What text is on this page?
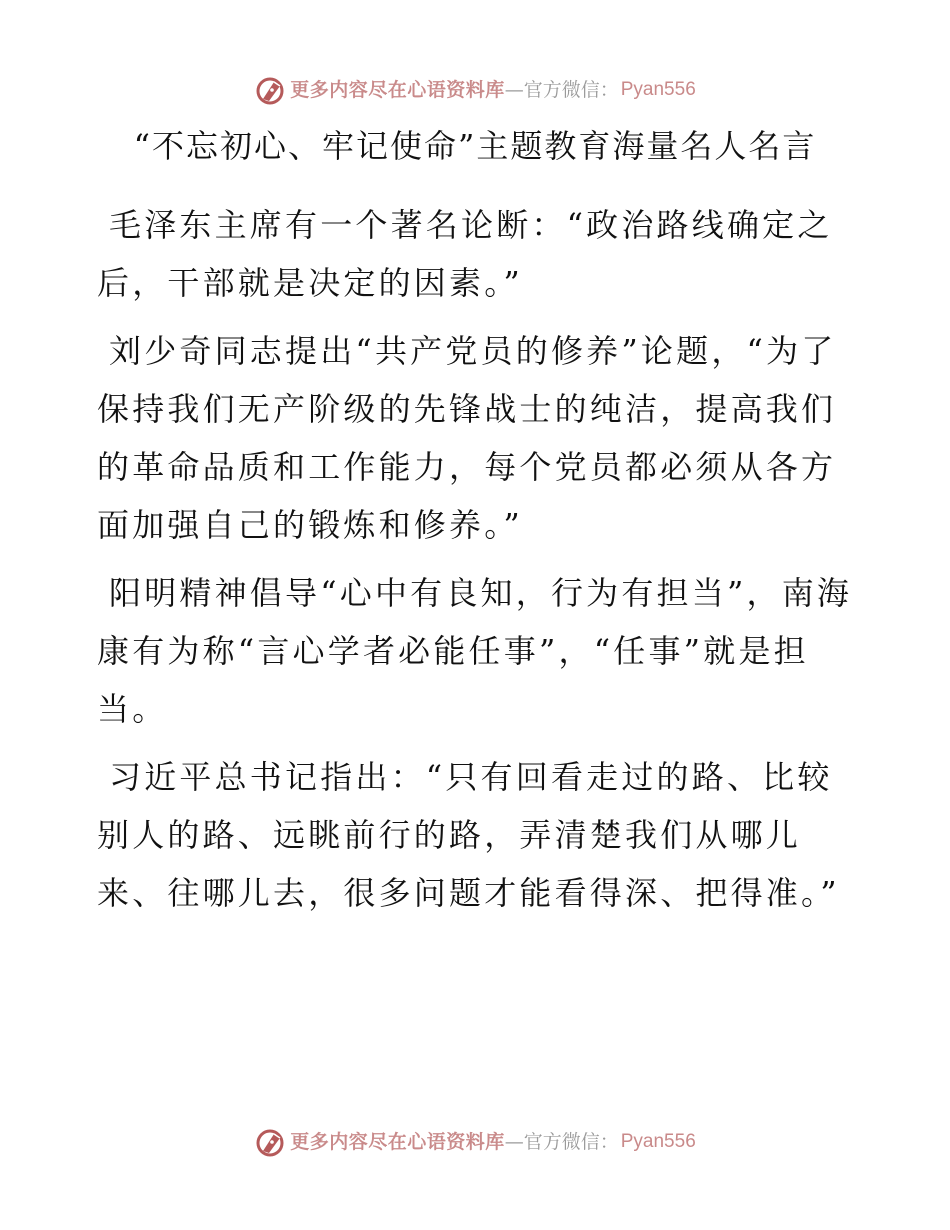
更多内容尽在心语资料库 —官方微信： Pyan556
“不忘初心、牢记使命”主题教育海量名人名言

毛泽东主席有一个著名论断：“政治路线确定之后，干部就是决定的因素。”

刘少奇同志提出“共产党员的修养”论题，“为了保持我们无产阶级的先锋战士的纯洁，提高我们的革命品质和工作能力，每个党员都必须从各方面加强自己的锻炼和修养。”

阳明精神倡导“心中有良知，行为有担当”，南海康有为称“言心学者必能任事”，“任事”就是担当。

习近平总书记指出：“只有回看走过的路、比较别人的路、远眺前行的路，弄清楚我们从哪儿来、往哪儿去，很多问题才能看得深、把得准。”

更多内容尽在心语资料库 —官方微信： Pyan556
